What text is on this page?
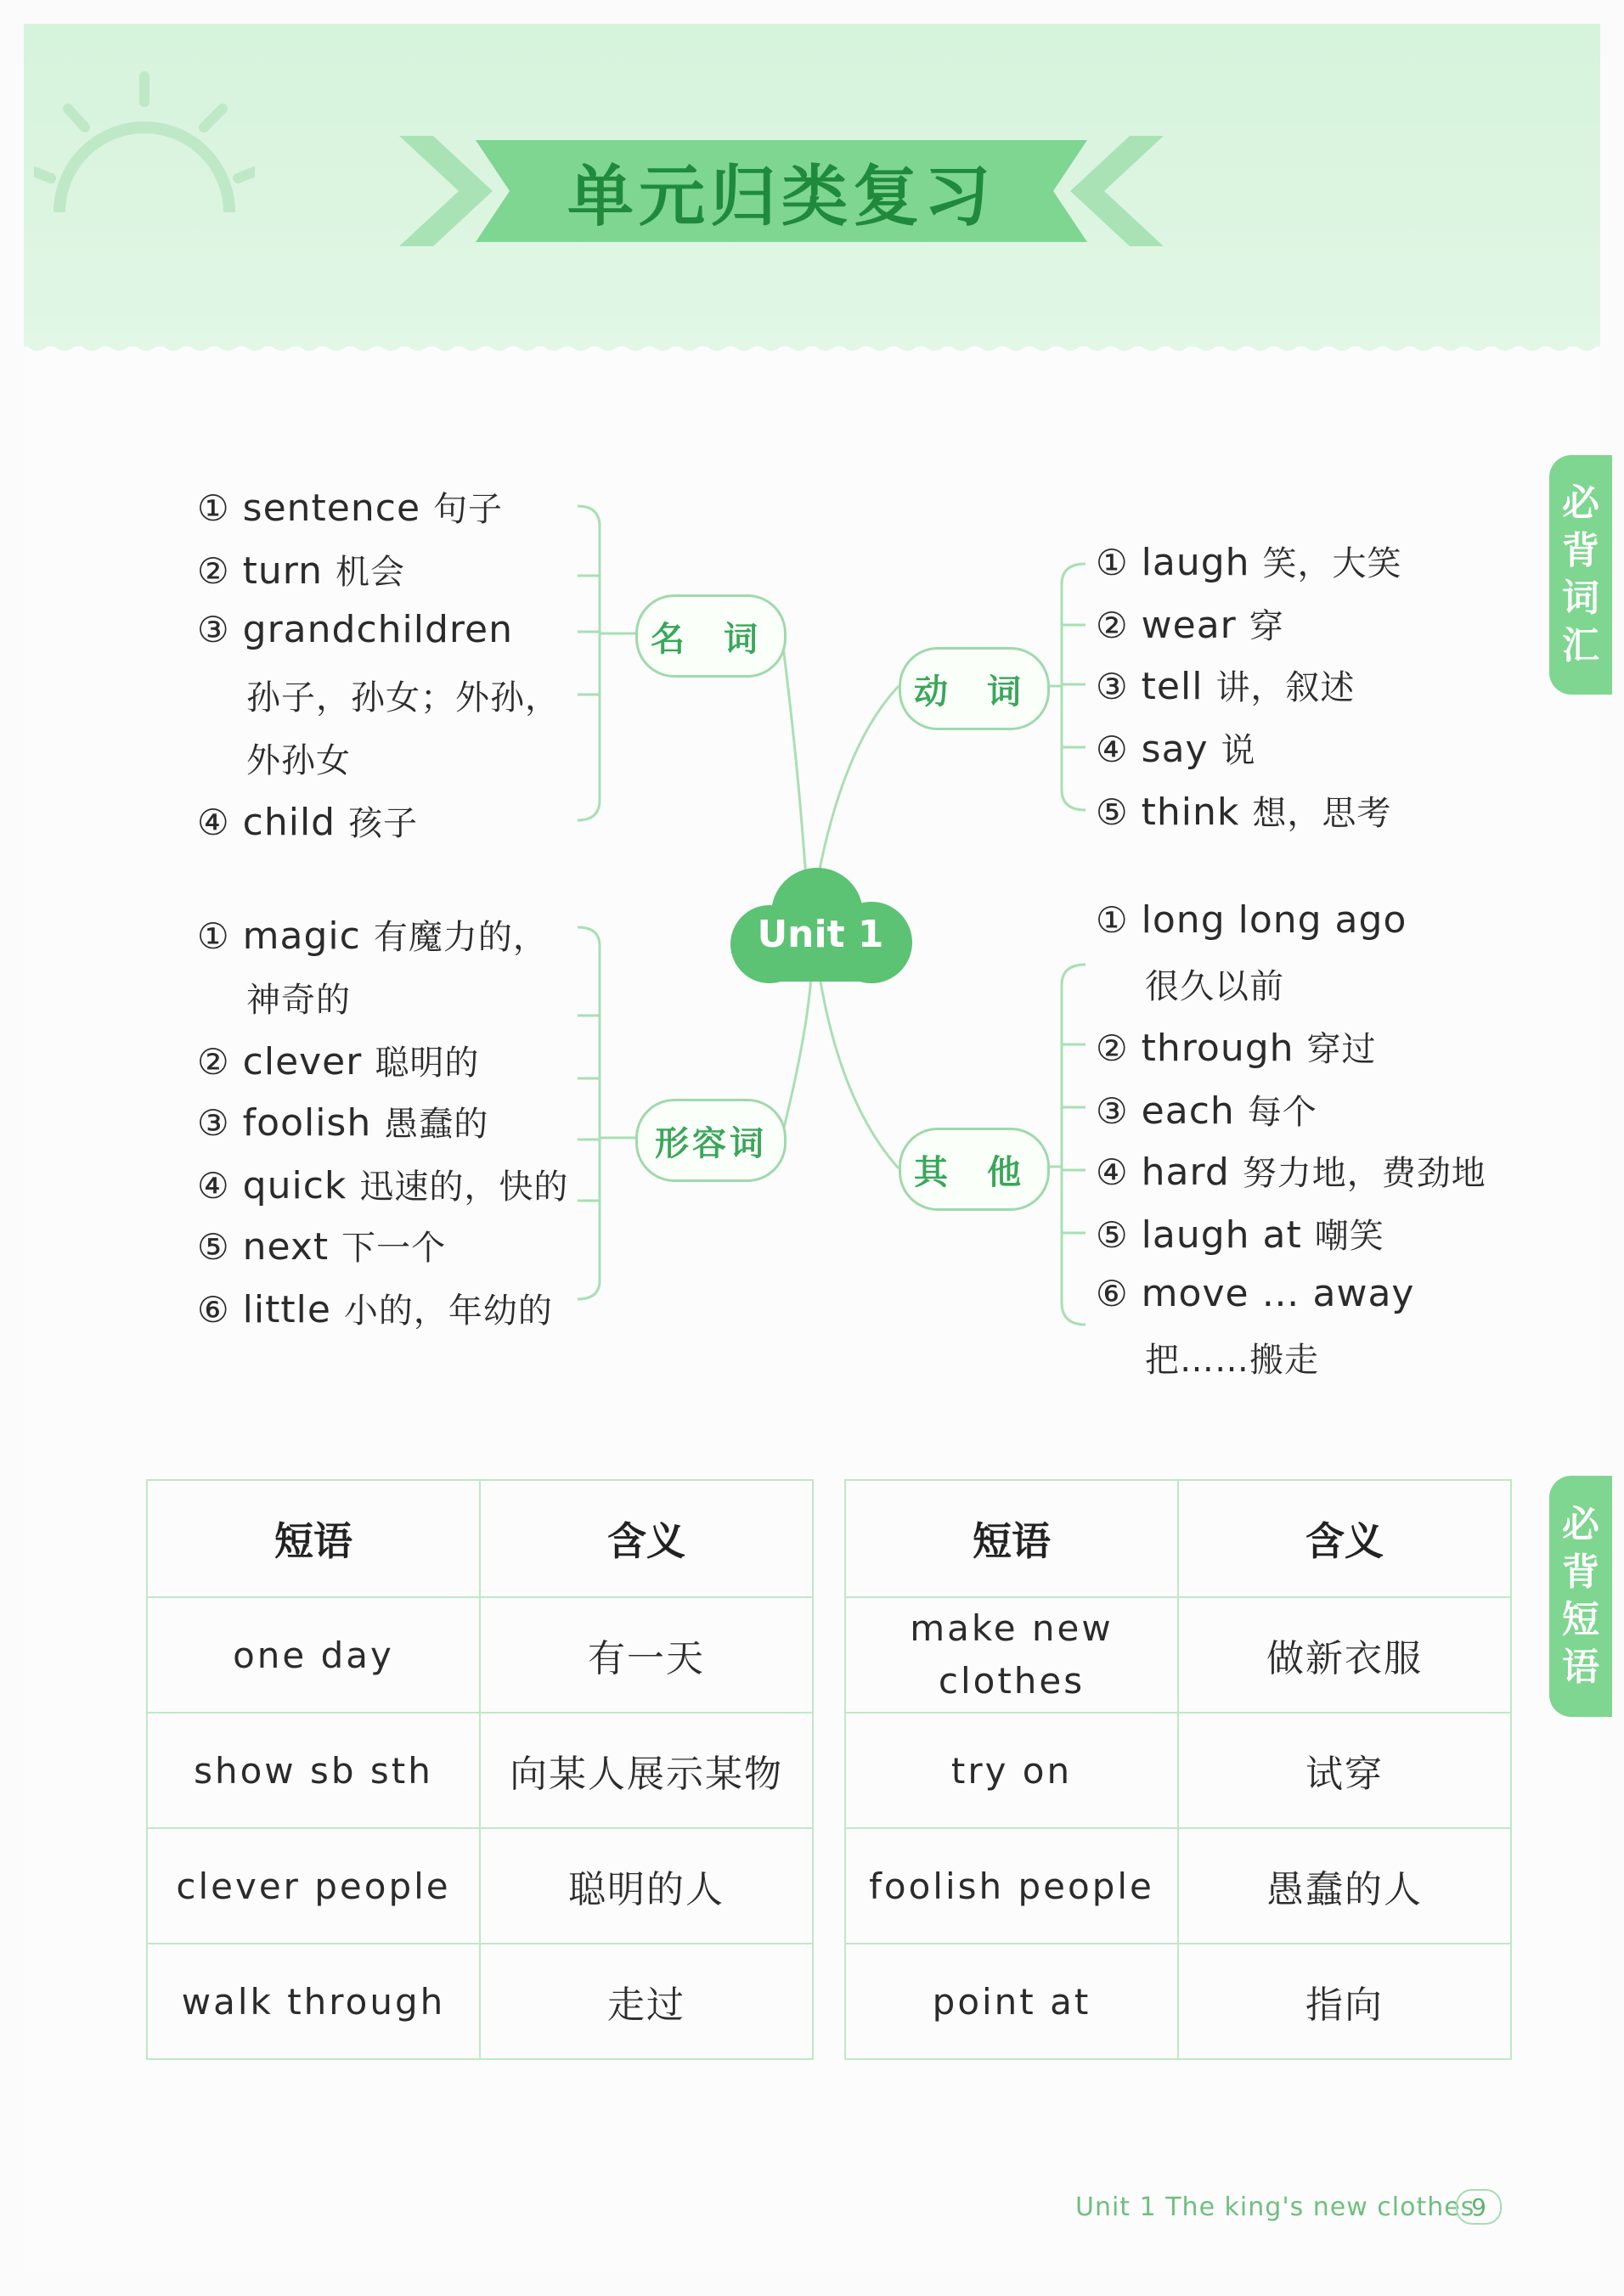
单元归类复习
必
背
词
汇
必
背
短
语
Unit 1
名 词
动 词
形容词
其 他
① sentence 句子
② turn 机会
③ grandchildren
孙子，孙女；外孙，
外孙女
④ child 孩子
① laugh 笑，大笑
② wear 穿
③ tell 讲，叙述
④ say 说
⑤ think 想，思考
① magic 有魔力的，
神奇的
② clever 聪明的
③ foolish 愚蠢的
④ quick 迅速的，快的
⑤ next 下一个
⑥ little 小的，年幼的
① long long ago
很久以前
② through 穿过
③ each 每个
④ hard 努力地，费劲地
⑤ laugh at 嘲笑
⑥ move … away
把……搬走
短语	含义		短语	含义
one day	有一天		make new clothes	做新衣服
show sb sth	向某人展示某物		try on	试穿
clever people	聪明的人		foolish people	愚蠢的人
walk through	走过		point at	指向
Unit 1 The king's new clothes
9
